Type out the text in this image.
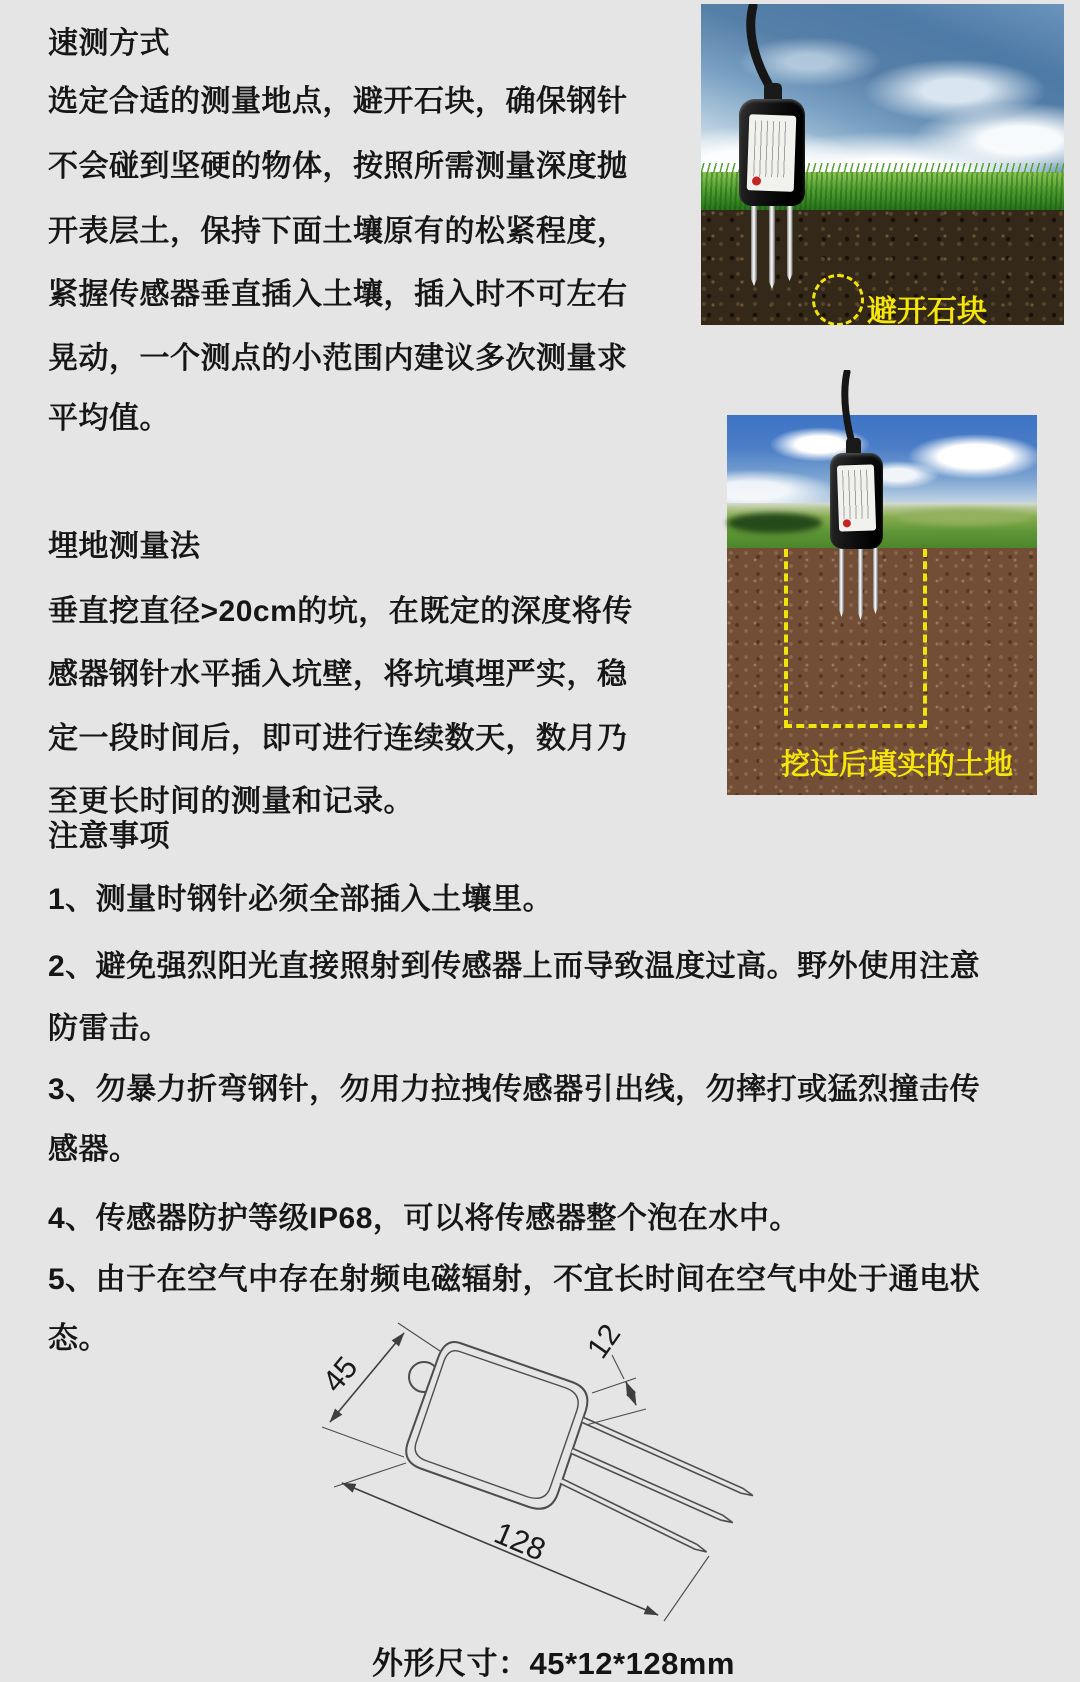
速测方式
选定合适的测量地点，避开石块，确保钢针
不会碰到坚硬的物体，按照所需测量深度抛
开表层土，保持下面土壤原有的松紧程度，
紧握传感器垂直插入土壤，插入时不可左右
晃动，一个测点的小范围内建议多次测量求
平均值。
埋地测量法
垂直挖直径>20cm的坑，在既定的深度将传
感器钢针水平插入坑壁，将坑填埋严实，稳
定一段时间后，即可进行连续数天，数月乃
至更长时间的测量和记录。
注意事项
1、测量时钢针必须全部插入土壤里。
2、避免强烈阳光直接照射到传感器上而导致温度过高。野外使用注意
防雷击。
3、勿暴力折弯钢针，勿用力拉拽传感器引出线，勿摔打或猛烈撞击传
感器。
4、传感器防护等级IP68，可以将传感器整个泡在水中。
5、由于在空气中存在射频电磁辐射，不宜长时间在空气中处于通电状
态。
避开石块
挖过后填实的土地
45
12
128
外形尺寸：45*12*128mm
